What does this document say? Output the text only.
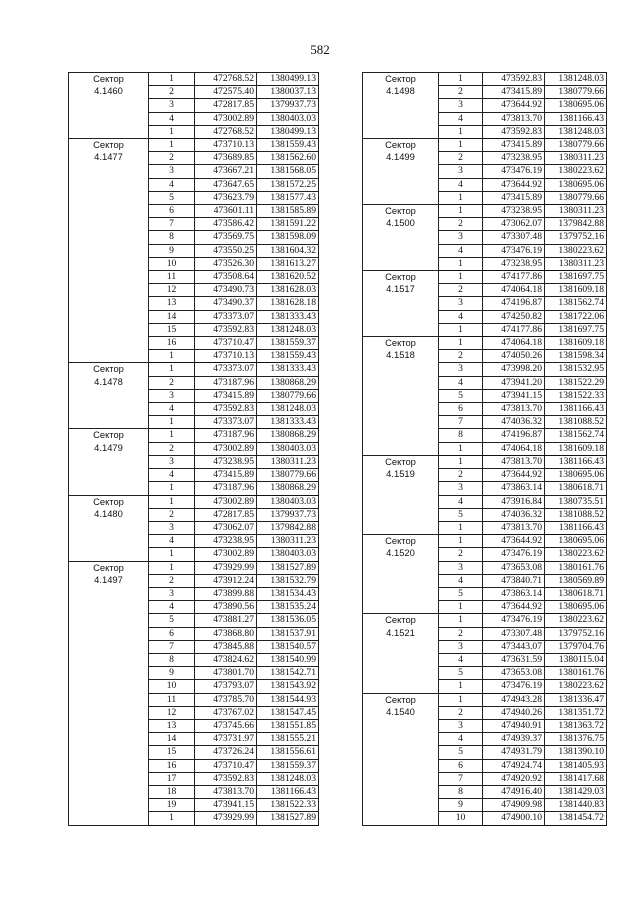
582
Сектор
4.1460	1	472768.52	1380499.13
	2	472575.40	1380037.13
	3	472817.85	1379937.73
	4	473002.89	1380403.03
	1	472768.52	1380499.13

Сектор
4.1477	1	473710.13	1381559.43
	2	473689.85	1381562.60
	3	473667.21	1381568.05
	4	473647.65	1381572.25
	5	473623.79	1381577.43
	6	473601.11	1381585.89
	7	473586.42	1381591.22
	8	473569.75	1381598.09
	9	473550.25	1381604.32
	10	473526.30	1381613.27
	11	473508.64	1381620.52
	12	473490.73	1381628.03
	13	473490.37	1381628.18
	14	473373.07	1381333.43
	15	473592.83	1381248.03
	16	473710.47	1381559.37
	1	473710.13	1381559.43

Сектор
4.1478	1	473373.07	1381333.43
	2	473187.96	1380868.29
	3	473415.89	1380779.66
	4	473592.83	1381248.03
	1	473373.07	1381333.43

Сектор
4.1479	1	473187.96	1380868.29
	2	473002.89	1380403.03
	3	473238.95	1380311.23
	4	473415.89	1380779.66
	1	473187.96	1380868.29

Сектор
4.1480	1	473002.89	1380403.03
	2	472817.85	1379937.73
	3	473062.07	1379842.88
	4	473238.95	1380311.23
	1	473002.89	1380403.03

Сектор
4.1497	1	473929.99	1381527.89
	2	473912.24	1381532.79
	3	473899.88	1381534.43
	4	473890.56	1381535.24
	5	473881.27	1381536.05
	6	473868.80	1381537.91
	7	473845.88	1381540.57
	8	473824.62	1381540.99
	9	473801.70	1381542.71
	10	473793.07	1381543.92
	11	473785.70	1381544.93
	12	473767.02	1381547.45
	13	473745.66	1381551.85
	14	473731.97	1381555.21
	15	473726.24	1381556.61
	16	473710.47	1381559.37
	17	473592.83	1381248.03
	18	473813.70	1381166.43
	19	473941.15	1381522.33
	1	473929.99	1381527.89
Сектор
4.1498	1	473592.83	1381248.03
	2	473415.89	1380779.66
	3	473644.92	1380695.06
	4	473813.70	1381166.43
	1	473592.83	1381248.03

Сектор
4.1499	1	473415.89	1380779.66
	2	473238.95	1380311.23
	3	473476.19	1380223.62
	4	473644.92	1380695.06
	1	473415.89	1380779.66

Сектор
4.1500	1	473238.95	1380311.23
	2	473062.07	1379842.88
	3	473307.48	1379752.16
	4	473476.19	1380223.62
	1	473238.95	1380311.23

Сектор
4.1517	1	474177.86	1381697.75
	2	474064.18	1381609.18
	3	474196.87	1381562.74
	4	474250.82	1381722.06
	1	474177.86	1381697.75

Сектор
4.1518	1	474064.18	1381609.18
	2	474050.26	1381598.34
	3	473998.20	1381532.95
	4	473941.20	1381522.29
	5	473941.15	1381522.33
	6	473813.70	1381166.43
	7	474036.32	1381088.52
	8	474196.87	1381562.74
	1	474064.18	1381609.18

Сектор
4.1519	1	473813.70	1381166.43
	2	473644.92	1380695.06
	3	473863.14	1380618.71
	4	473916.84	1380735.51
	5	474036.32	1381088.52
	1	473813.70	1381166.43

Сектор
4.1520	1	473644.92	1380695.06
	2	473476.19	1380223.62
	3	473653.08	1380161.76
	4	473840.71	1380569.89
	5	473863.14	1380618.71
	1	473644.92	1380695.06

Сектор
4.1521	1	473476.19	1380223.62
	2	473307.48	1379752.16
	3	473443.07	1379704.76
	4	473631.59	1380115.04
	5	473653.08	1380161.76
	1	473476.19	1380223.62

Сектор
4.1540	1	474943.28	1381336.47
	2	474940.26	1381351.72
	3	474940.91	1381363.72
	4	474939.37	1381376.75
	5	474931.79	1381390.10
	6	474924.74	1381405.93
	7	474920.92	1381417.68
	8	474916.40	1381429.03
	9	474909.98	1381440.83
	10	474900.10	1381454.72
